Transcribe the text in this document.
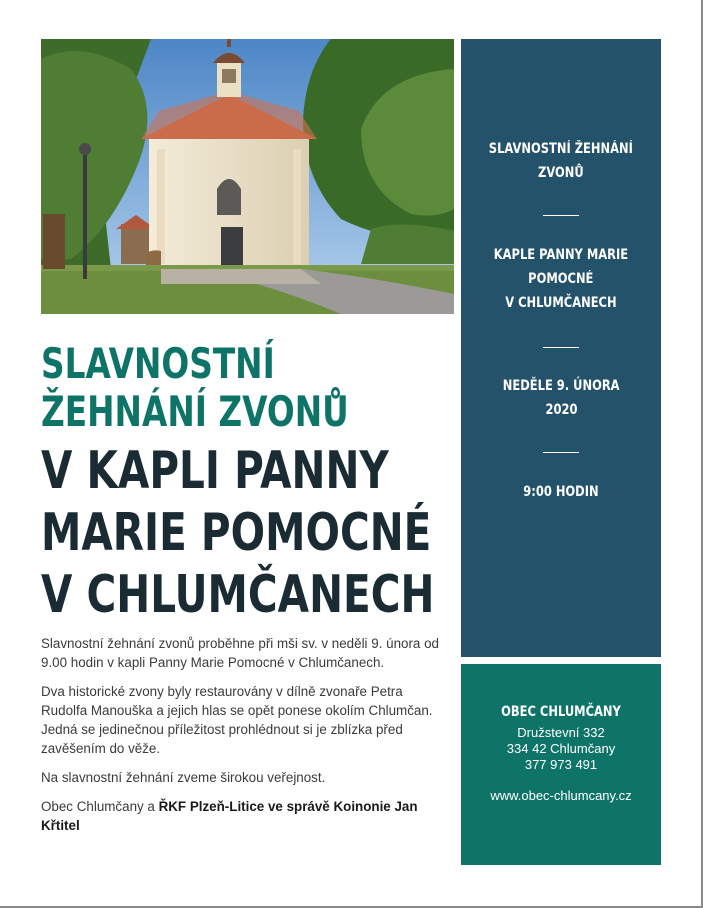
SLAVNOSTNÍ
ŽEHNÁNÍ ZVONŮ
V KAPLI PANNY
MARIE POMOCNÉ
V CHLUMČANECH

Slavnostní žehnání zvonů proběhne při mši sv. v neděli 9. února od 9.00 hodin v kapli Panny Marie Pomocné v Chlumčanech.

Dva historické zvony byly restaurovány v dílně zvonaře Petra Rudolfa Manouška a jejich hlas se opět ponese okolím Chlumčan. Jedná se jedinečnou příležitost prohlédnout si je zblízka před zavěšením do věže.

Na slavnostní žehnání zveme širokou veřejnost.

Obec Chlumčany a ŘKF Plzeň-Litice ve správě Koinonie Jan Křtitel

SLAVNOSTNÍ ŽEHNÁNÍ
ZVONŮ
KAPLE PANNY MARIE
POMOCNÉ
V CHLUMČANECH
NEDĚLE 9. ÚNORA
2020
9:00 HODIN
OBEC CHLUMČANY
Družstevní 332
334 42 Chlumčany
377 973 491
www.obec-chlumcany.cz
